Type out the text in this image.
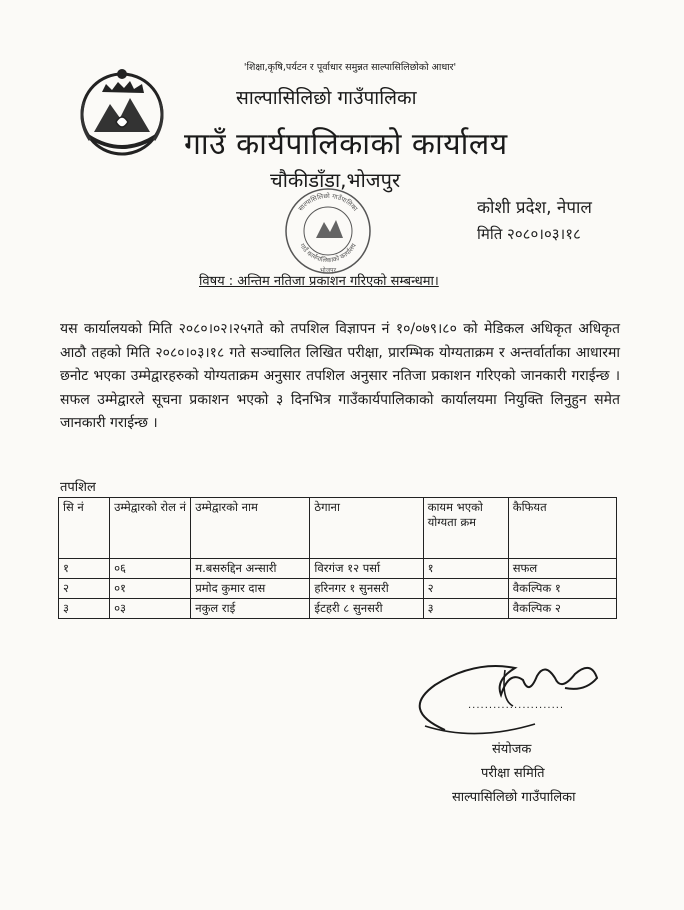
'शिक्षा,कृषि,पर्यटन र पूर्वाधार समुन्नत साल्पासिलिछोको आधार'
साल्पासिलिछो गाउँपालिका
गाउँ कार्यपालिकाको कार्यालय
चौकीडाँडा,भोजपुर
साल्पासिलिछो गाउँपालिका
गाउँ कार्यपालिकाको कार्यालय
भोजपुर
कोशी प्रदेश, नेपाल
मिति २०८०।०३।१८
विषय : अन्तिम नतिजा प्रकाशन गरिएको सम्बन्धमा।
यस कार्यालयको मिति २०८०।०२।२५गते को तपशिल विज्ञापन नं १०/०७९।८० को मेडिकल अधिकृत अधिकृत आठौ तहको मिति २०८०।०३।१८ गते सञ्चालित लिखित परीक्षा, प्रारम्भिक योग्यताक्रम र अन्तर्वार्ताका आधारमा छनोट भएका उम्मेद्वारहरुको योग्यताक्रम अनुसार तपशिल अनुसार नतिजा प्रकाशन गरिएको जानकारी गराईन्छ । सफल उम्मेद्वारले सूचना प्रकाशन भएको ३ दिनभित्र गाउँकार्यपालिकाको कार्यालयमा नियुक्ति लिनुहुन समेत जानकारी गराईन्छ ।
तपशिल
सि नं	उम्मेद्वारको रोल नं	उम्मेद्वारको नाम	ठेगाना	कायम भएको योग्यता क्रम	कैफियत
१	०६	म.बसरुद्दिन अन्सारी	विरगंज १२ पर्सा	१	सफल
२	०१	प्रमोद कुमार दास	हरिनगर १ सुनसरी	२	वैकल्पिक १
३	०३	नकुल राई	ईटहरी ८ सुनसरी	३	वैकल्पिक २
.......................
संयोजक
परीक्षा समिति
साल्पासिलिछो गाउँपालिका
